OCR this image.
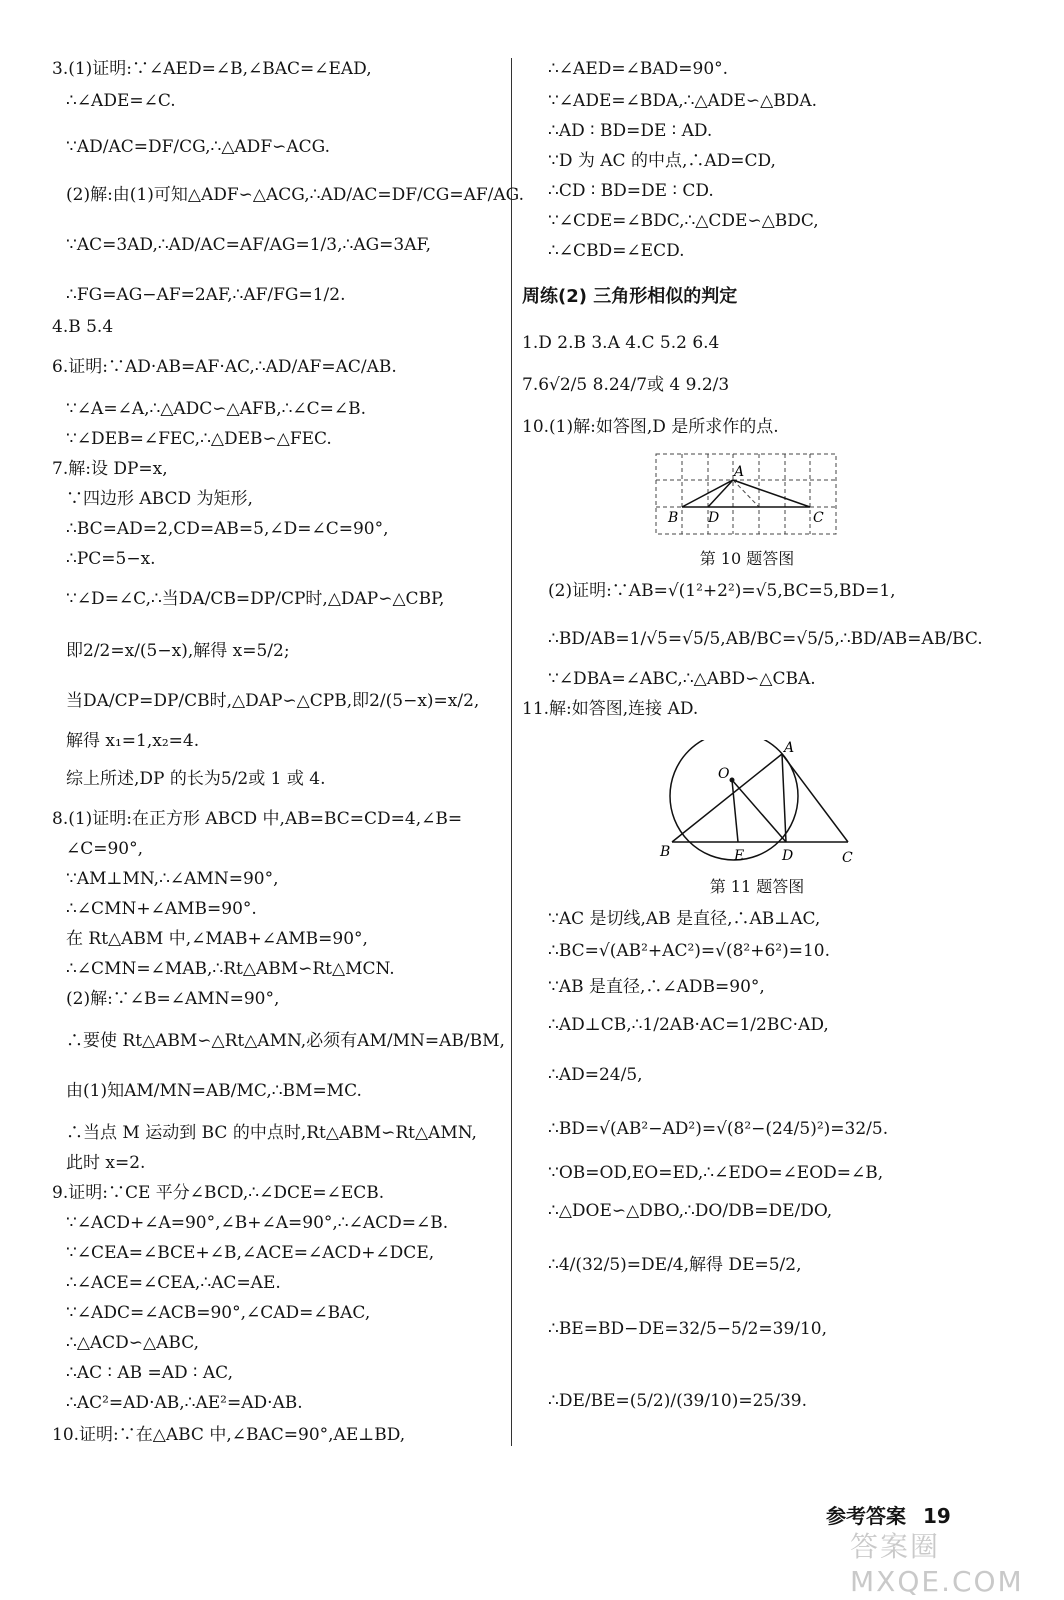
3.(1)证明:∵∠AED=∠B,∠BAC=∠EAD,
∴∠ADE=∠C.
∵AD/AC=DF/CG,∴△ADF∽ACG.
(2)解:由(1)可知△ADF∽△ACG,∴AD/AC=DF/CG=AF/AG.
∵AC=3AD,∴AD/AC=AF/AG=1/3,∴AG=3AF,
∴FG=AG−AF=2AF,∴AF/FG=1/2.
4.B 5.4
6.证明:∵AD·AB=AF·AC,∴AD/AF=AC/AB.
∵∠A=∠A,∴△ADC∽△AFB,∴∠C=∠B.
∵∠DEB=∠FEC,∴△DEB∽△FEC.
7.解:设 DP=x,
∵四边形 ABCD 为矩形,
∴BC=AD=2,CD=AB=5,∠D=∠C=90°,
∴PC=5−x.
∵∠D=∠C,∴当DA/CB=DP/CP时,△DAP∽△CBP,
即2/2=x/(5−x),解得 x=5/2;
当DA/CP=DP/CB时,△DAP∽△CPB,即2/(5−x)=x/2,
解得 x₁=1,x₂=4.
综上所述,DP 的长为5/2或 1 或 4.
8.(1)证明:在正方形 ABCD 中,AB=BC=CD=4,∠B=
∠C=90°,
∵AM⊥MN,∴∠AMN=90°,
∴∠CMN+∠AMB=90°.
在 Rt△ABM 中,∠MAB+∠AMB=90°,
∴∠CMN=∠MAB,∴Rt△ABM∽Rt△MCN.
(2)解:∵∠B=∠AMN=90°,
∴要使 Rt△ABM∽△Rt△AMN,必须有AM/MN=AB/BM,
由(1)知AM/MN=AB/MC,∴BM=MC.
∴当点 M 运动到 BC 的中点时,Rt△ABM∽Rt△AMN,
此时 x=2.
9.证明:∵CE 平分∠BCD,∴∠DCE=∠ECB.
∵∠ACD+∠A=90°,∠B+∠A=90°,∴∠ACD=∠B.
∵∠CEA=∠BCE+∠B,∠ACE=∠ACD+∠DCE,
∴∠ACE=∠CEA,∴AC=AE.
∵∠ADC=∠ACB=90°,∠CAD=∠BAC,
∴△ACD∽△ABC,
∴AC ∶ AB =AD ∶ AC,
∴AC²=AD·AB,∴AE²=AD·AB.
10.证明:∵在△ABC 中,∠BAC=90°,AE⊥BD,
∴∠AED=∠BAD=90°.
∵∠ADE=∠BDA,∴△ADE∽△BDA.
∴AD ∶ BD=DE ∶ AD.
∵D 为 AC 的中点,∴AD=CD,
∴CD ∶ BD=DE ∶ CD.
∵∠CDE=∠BDC,∴△CDE∽△BDC,
∴∠CBD=∠ECD.
周练(2) 三角形相似的判定
1.D 2.B 3.A 4.C 5.2 6.4
7.6√2/5 8.24/7或 4 9.2/3
10.(1)解:如答图,D 是所求作的点.
A
B D	C
第 10 题答图
(2)证明:∵AB=√(1²+2²)=√5,BC=5,BD=1,
∴BD/AB=1/√5=√5/5,AB/BC=√5/5,∴BD/AB=AB/BC.
∵∠DBA=∠ABC,∴△ABD∽△CBA.
11.解:如答图,连接 AD.
A
O
B	E	D	C
第 11 题答图
∵AC 是切线,AB 是直径,∴AB⊥AC,
∴BC=√(AB²+AC²)=√(8²+6²)=10.
∵AB 是直径,∴∠ADB=90°,
∴AD⊥CB,∴1/2AB·AC=1/2BC·AD,
∴AD=24/5,
∴BD=√(AB²−AD²)=√(8²−(24/5)²)=32/5.
∵OB=OD,EO=ED,∴∠EDO=∠EOD=∠B,
∴△DOE∽△DBO,∴DO/DB=DE/DO,
∴4/(32/5)=DE/4,解得 DE=5/2,
∴BE=BD−DE=32/5−5/2=39/10,
∴DE/BE=(5/2)/(39/10)=25/39.
参考答案 19
答案圈 MXQE.COM
